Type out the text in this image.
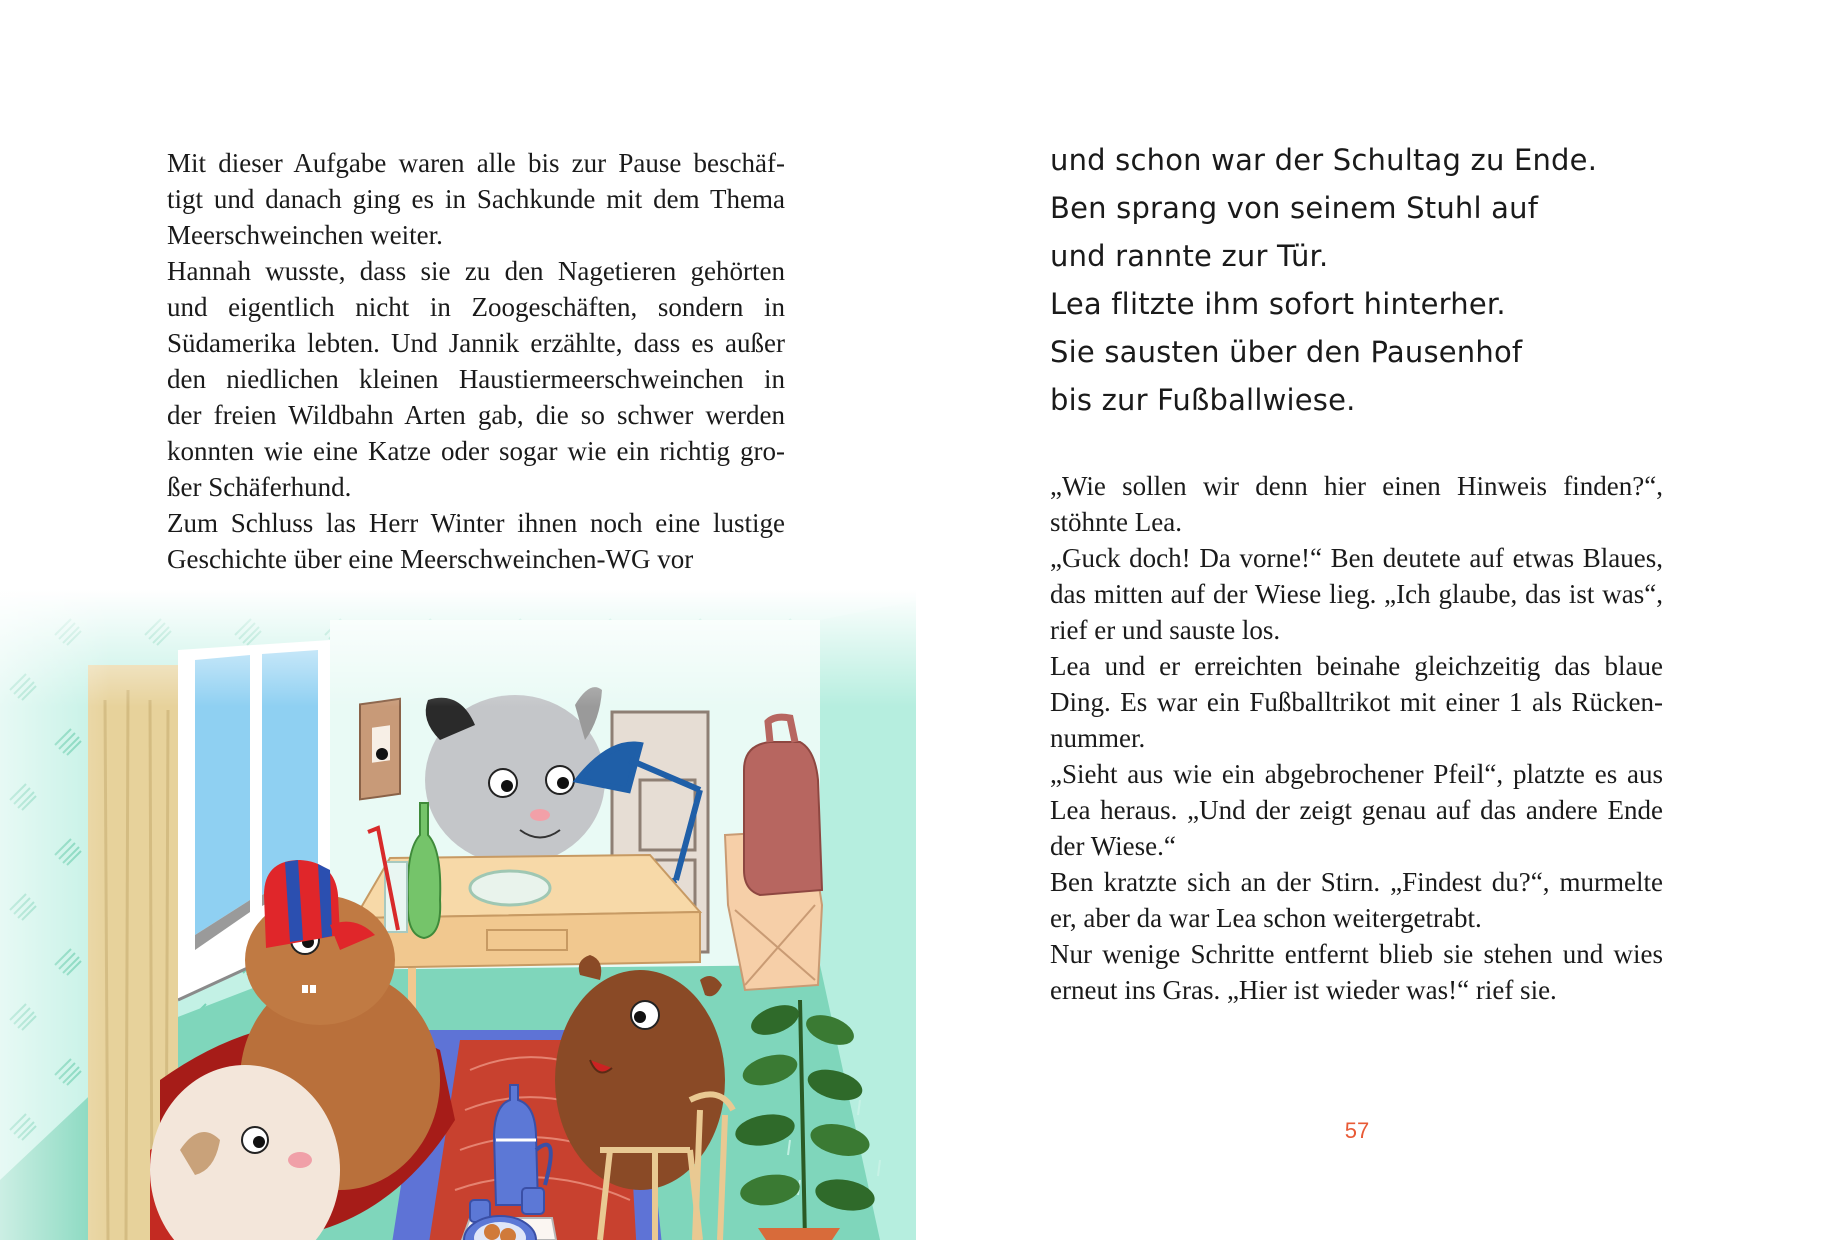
Mit dieser Aufgabe waren alle bis zur Pause beschäf-
tigt und danach ging es in Sachkunde mit dem Thema
Meerschweinchen weiter.
Hannah wusste, dass sie zu den Nagetieren gehörten
und eigentlich nicht in Zoogeschäften, sondern in
Südamerika lebten. Und Jannik erzählte, dass es außer
den niedlichen kleinen Haustiermeerschweinchen in
der freien Wildbahn Arten gab, die so schwer werden
konnten wie eine Katze oder sogar wie ein richtig gro-
ßer Schäferhund.
Zum Schluss las Herr Winter ihnen noch eine lustige
Geschichte über eine Meerschweinchen-WG vor
und schon war der Schultag zu Ende.
Ben sprang von seinem Stuhl auf
und rannte zur Tür.
Lea flitzte ihm sofort hinterher.
Sie sausten über den Pausenhof
bis zur Fußballwiese.
„Wie sollen wir denn hier einen Hinweis finden?“,
stöhnte Lea.
„Guck doch! Da vorne!“ Ben deutete auf etwas Blaues,
das mitten auf der Wiese lieg. „Ich glaube, das ist was“,
rief er und sauste los.
Lea und er erreichten beinahe gleichzeitig das blaue
Ding. Es war ein Fußballtrikot mit einer 1 als Rücken-
nummer.
„Sieht aus wie ein abgebrochener Pfeil“, platzte es aus
Lea heraus. „Und der zeigt genau auf das andere Ende
der Wiese.“
Ben kratzte sich an der Stirn. „Findest du?“, murmelte
er, aber da war Lea schon weitergetrabt.
Nur wenige Schritte entfernt blieb sie stehen und wies
erneut ins Gras. „Hier ist wieder was!“ rief sie.
57
